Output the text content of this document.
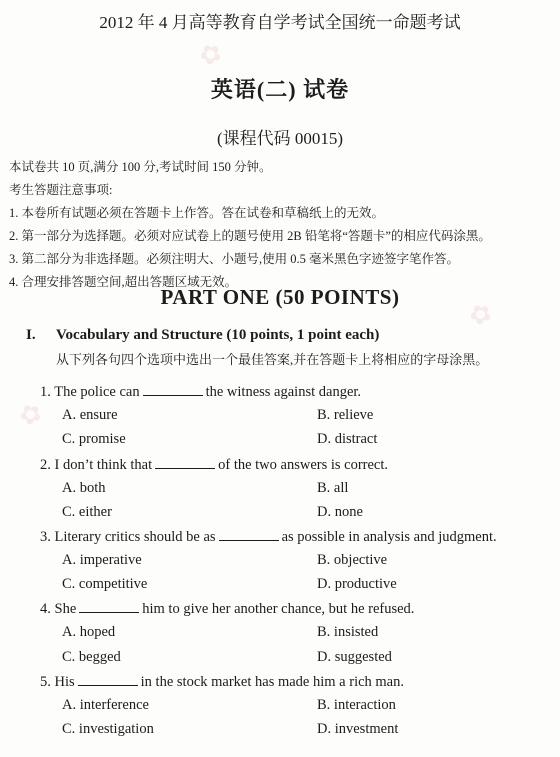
✿
✿
✿
2012 年 4 月高等教育自学考试全国统一命题考试
英语(二) 试卷
(课程代码 00015)
本试卷共 10 页,满分 100 分,考试时间 150 分钟。
考生答题注意事项:
1. 本卷所有试题必须在答题卡上作答。答在试卷和草稿纸上的无效。
2. 第一部分为选择题。必须对应试卷上的题号使用 2B 铅笔将“答题卡”的相应代码涂黑。
3. 第二部分为非选择题。必须注明大、小题号,使用 0.5 毫米黑色字迹签字笔作答。
4. 合理安排答题空间,超出答题区域无效。
PART ONE (50 POINTS)
I. Vocabulary and Structure (10 points, 1 point each)
从下列各句四个选项中选出一个最佳答案,并在答题卡上将相应的字母涂黑。
1. The police can	the witness against danger.
A. ensure	B. relieve
C. promise	D. distract
2. I don’t think that	of the two answers is correct.
A. both	B. all
C. either	D. none
3. Literary critics should be as	as possible in analysis and judgment.
A. imperative	B. objective
C. competitive	D. productive
4. She	him to give her another chance, but he refused.
A. hoped	B. insisted
C. begged	D. suggested
5. His	in the stock market has made him a rich man.
A. interference	B. interaction
C. investigation	D. investment
